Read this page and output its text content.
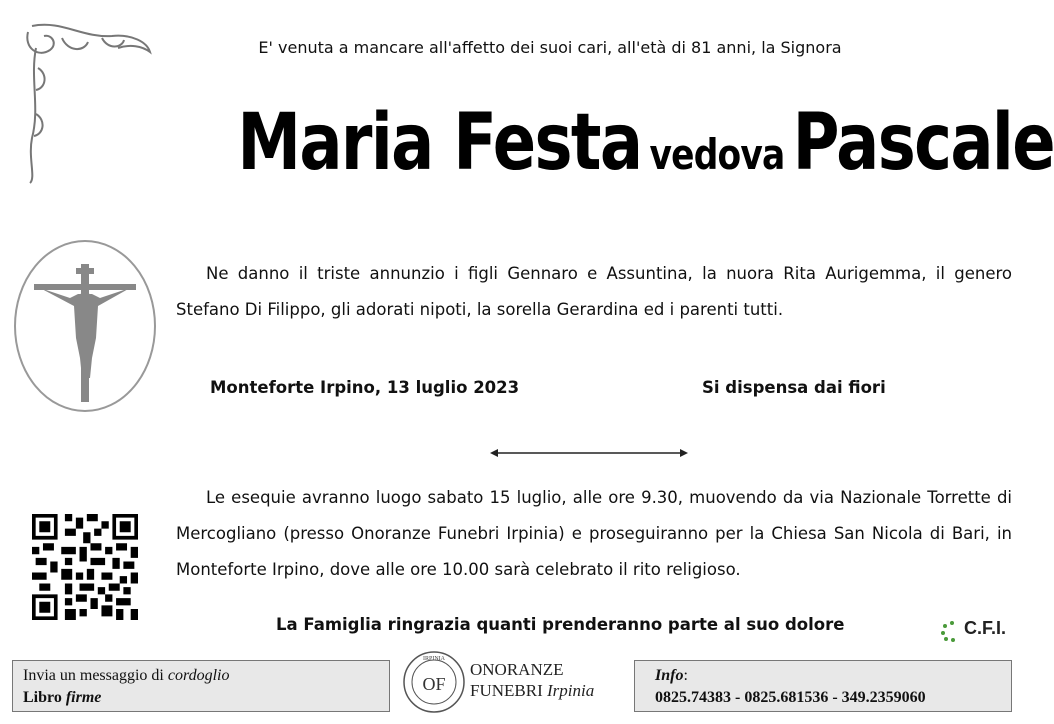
E' venuta a mancare all'affetto dei suoi cari, all'età di 81 anni, la Signora
Maria Festa vedova Pascale
Ne danno il triste annunzio i figli Gennaro e Assuntina, la nuora Rita Aurigemma, il genero Stefano Di Filippo, gli adorati nipoti, la sorella Gerardina ed i parenti tutti.
Monteforte Irpino, 13 luglio 2023	Si dispensa dai fiori
Le esequie avranno luogo sabato 15 luglio, alle ore 9.30, muovendo da via Nazionale Torrette di Mercogliano (presso Onoranze Funebri Irpinia) e proseguiranno per la Chiesa San Nicola di Bari, in Monteforte Irpino, dove alle ore 10.00 sarà celebrato il rito religioso.
La Famiglia ringrazia quanti prenderanno parte al suo dolore	C.F.I.
Invia un messaggio di cordoglio
Libro firme
IRPINIA
OF
ONORANZE
FUNEBRI Irpinia
Info:
0825.74383 - 0825.681536 - 349.2359060
